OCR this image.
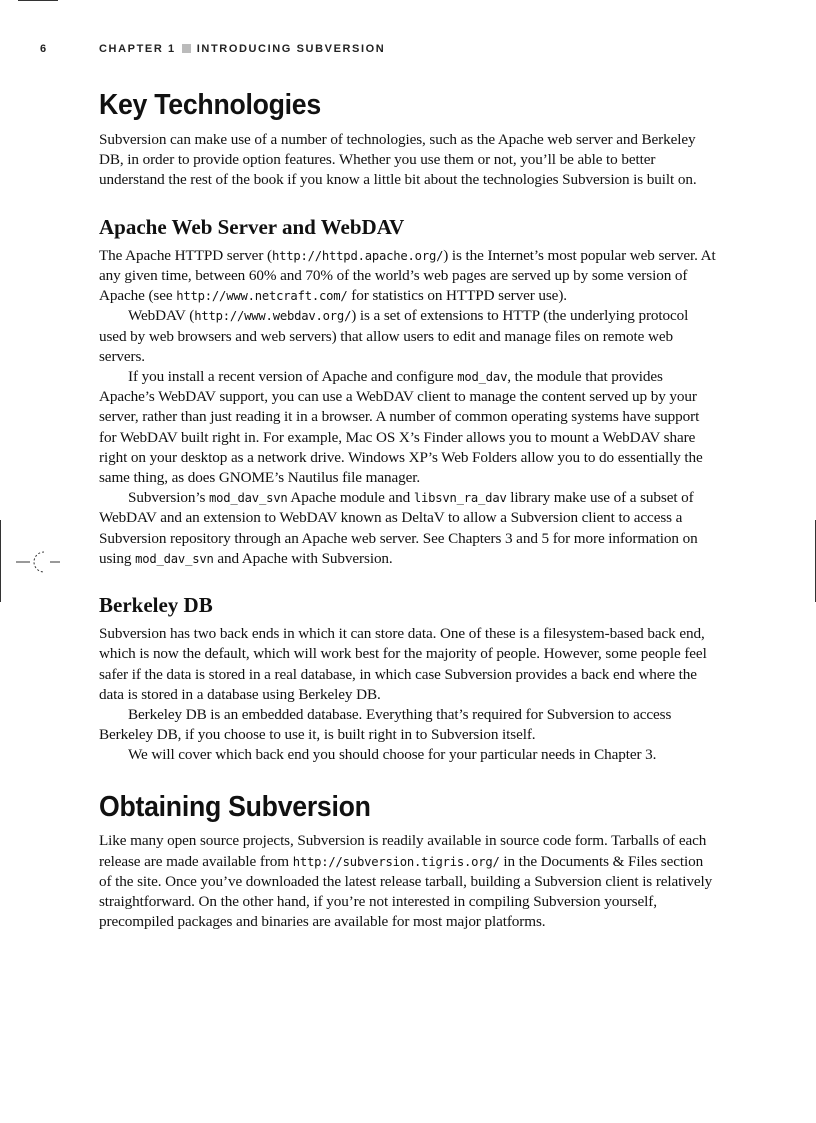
6	CHAPTER 1 INTRODUCING SUBVERSION
Key Technologies

Subversion can make use of a number of technologies, such as the Apache web server and Berkeley DB, in order to provide option features. Whether you use them or not, you’ll be able to better understand the rest of the book if you know a little bit about the technologies Subversion is built on.

Apache Web Server and WebDAV

The Apache HTTPD server (http://httpd.apache.org/) is the Internet’s most popular web server. At any given time, between 60% and 70% of the world’s web pages are served up by some version of Apache (see http://www.netcraft.com/ for statistics on HTTPD server use).

WebDAV (http://www.webdav.org/) is a set of extensions to HTTP (the underlying protocol used by web browsers and web servers) that allow users to edit and manage files on remote web servers.

If you install a recent version of Apache and configure mod_dav, the module that provides Apache’s WebDAV support, you can use a WebDAV client to manage the content served up by your server, rather than just reading it in a browser. A number of common operating systems have support for WebDAV built right in. For example, Mac OS X’s Finder allows you to mount a WebDAV share right on your desktop as a network drive. Windows XP’s Web Folders allow you to do essentially the same thing, as does GNOME’s Nautilus file manager.

Subversion’s mod_dav_svn Apache module and libsvn_ra_dav library make use of a subset of WebDAV and an extension to WebDAV known as DeltaV to allow a Subversion client to access a Subversion repository through an Apache web server. See Chapters 3 and 5 for more information on using mod_dav_svn and Apache with Subversion.

Berkeley DB

Subversion has two back ends in which it can store data. One of these is a filesystem-based back end, which is now the default, which will work best for the majority of people. However, some people feel safer if the data is stored in a real database, in which case Subversion provides a back end where the data is stored in a database using Berkeley DB.

Berkeley DB is an embedded database. Everything that’s required for Subversion to access Berkeley DB, if you choose to use it, is built right in to Subversion itself.

We will cover which back end you should choose for your particular needs in Chapter 3.

Obtaining Subversion

Like many open source projects, Subversion is readily available in source code form. Tarballs of each release are made available from http://subversion.tigris.org/ in the Documents & Files section of the site. Once you’ve downloaded the latest release tarball, building a Subversion client is relatively straightforward. On the other hand, if you’re not interested in compiling Subversion yourself, precompiled packages and binaries are available for most major platforms.
